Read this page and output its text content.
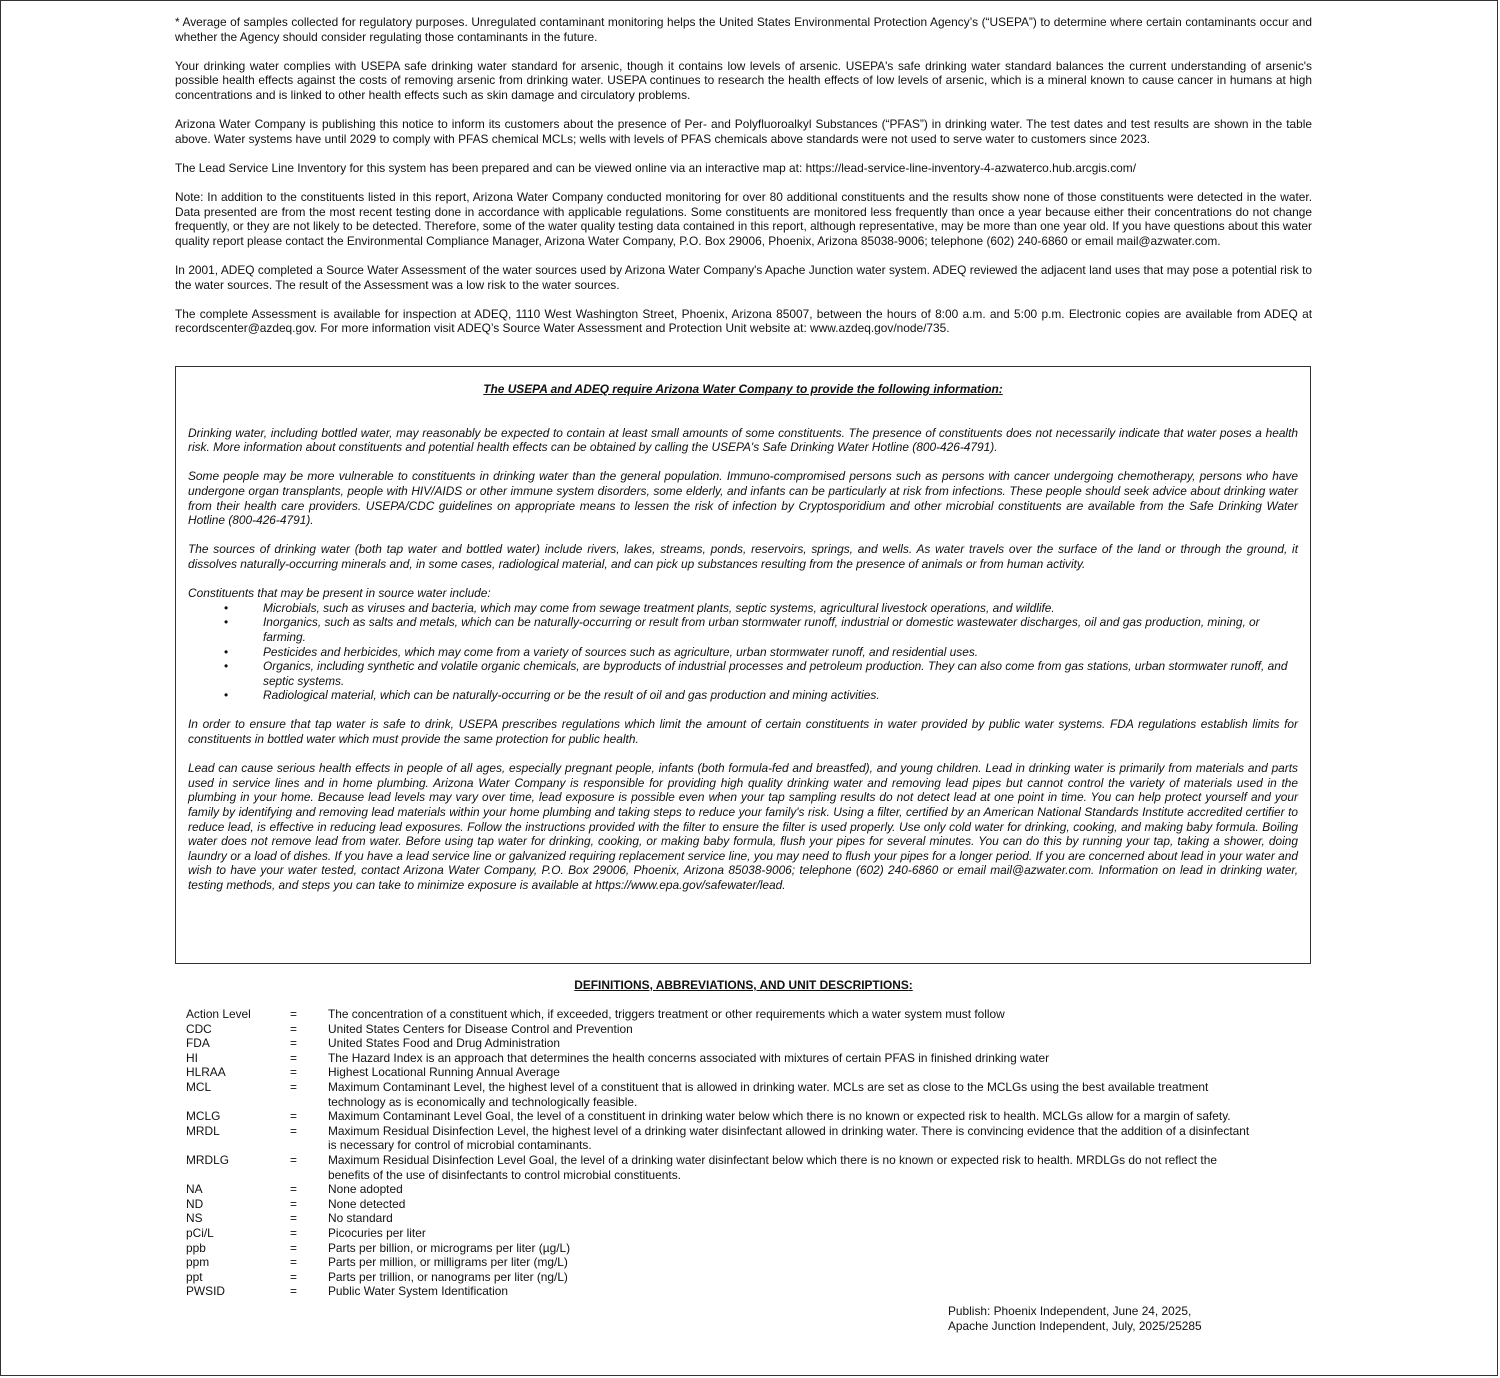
* Average of samples collected for regulatory purposes. Unregulated contaminant monitoring helps the United States Environmental Protection Agency’s (“USEPA”) to determine where certain contaminants occur and whether the Agency should consider regulating those contaminants in the future.

Your drinking water complies with USEPA safe drinking water standard for arsenic, though it contains low levels of arsenic. USEPA's safe drinking water standard balances the current understanding of arsenic's possible health effects against the costs of removing arsenic from drinking water. USEPA continues to research the health effects of low levels of arsenic, which is a mineral known to cause cancer in humans at high concentrations and is linked to other health effects such as skin damage and circulatory problems.

Arizona Water Company is publishing this notice to inform its customers about the presence of Per- and Polyfluoroalkyl Substances (“PFAS”) in drinking water. The test dates and test results are shown in the table above. Water systems have until 2029 to comply with PFAS chemical MCLs; wells with levels of PFAS chemicals above standards were not used to serve water to customers since 2023.

The Lead Service Line Inventory for this system has been prepared and can be viewed online via an interactive map at: https://lead-service-line-inventory-4-azwaterco.hub.arcgis.com/

Note: In addition to the constituents listed in this report, Arizona Water Company conducted monitoring for over 80 additional constituents and the results show none of those constituents were detected in the water. Data presented are from the most recent testing done in accordance with applicable regulations. Some constituents are monitored less frequently than once a year because either their concentrations do not change frequently, or they are not likely to be detected. Therefore, some of the water quality testing data contained in this report, although representative, may be more than one year old. If you have questions about this water quality report please contact the Environmental Compliance Manager, Arizona Water Company, P.O. Box 29006, Phoenix, Arizona 85038-9006; telephone (602) 240-6860 or email mail@azwater.com.

In 2001, ADEQ completed a Source Water Assessment of the water sources used by Arizona Water Company's Apache Junction water system. ADEQ reviewed the adjacent land uses that may pose a potential risk to the water sources. The result of the Assessment was a low risk to the water sources.

The complete Assessment is available for inspection at ADEQ, 1110 West Washington Street, Phoenix, Arizona 85007, between the hours of 8:00 a.m. and 5:00 p.m. Electronic copies are available from ADEQ at recordscenter@azdeq.gov. For more information visit ADEQ’s Source Water Assessment and Protection Unit website at: www.azdeq.gov/node/735.

The USEPA and ADEQ require Arizona Water Company to provide the following information:

Drinking water, including bottled water, may reasonably be expected to contain at least small amounts of some constituents. The presence of constituents does not necessarily indicate that water poses a health risk. More information about constituents and potential health effects can be obtained by calling the USEPA's Safe Drinking Water Hotline (800-426-4791).

Some people may be more vulnerable to constituents in drinking water than the general population. Immuno-compromised persons such as persons with cancer undergoing chemotherapy, persons who have undergone organ transplants, people with HIV/AIDS or other immune system disorders, some elderly, and infants can be particularly at risk from infections. These people should seek advice about drinking water from their health care providers. USEPA/CDC guidelines on appropriate means to lessen the risk of infection by Cryptosporidium and other microbial constituents are available from the Safe Drinking Water Hotline (800-426-4791).

The sources of drinking water (both tap water and bottled water) include rivers, lakes, streams, ponds, reservoirs, springs, and wells. As water travels over the surface of the land or through the ground, it dissolves naturally-occurring minerals and, in some cases, radiological material, and can pick up substances resulting from the presence of animals or from human activity.

Constituents that may be present in source water include:
• Microbials, such as viruses and bacteria, which may come from sewage treatment plants, septic systems, agricultural livestock operations, and wildlife.
• Inorganics, such as salts and metals, which can be naturally-occurring or result from urban stormwater runoff, industrial or domestic wastewater discharges, oil and gas production, mining, or farming.
• Pesticides and herbicides, which may come from a variety of sources such as agriculture, urban stormwater runoff, and residential uses.
• Organics, including synthetic and volatile organic chemicals, are byproducts of industrial processes and petroleum production. They can also come from gas stations, urban stormwater runoff, and septic systems.
• Radiological material, which can be naturally-occurring or be the result of oil and gas production and mining activities.

In order to ensure that tap water is safe to drink, USEPA prescribes regulations which limit the amount of certain constituents in water provided by public water systems. FDA regulations establish limits for constituents in bottled water which must provide the same protection for public health.

Lead can cause serious health effects in people of all ages, especially pregnant people, infants (both formula-fed and breastfed), and young children. Lead in drinking water is primarily from materials and parts used in service lines and in home plumbing. Arizona Water Company is responsible for providing high quality drinking water and removing lead pipes but cannot control the variety of materials used in the plumbing in your home. Because lead levels may vary over time, lead exposure is possible even when your tap sampling results do not detect lead at one point in time. You can help protect yourself and your family by identifying and removing lead materials within your home plumbing and taking steps to reduce your family's risk. Using a filter, certified by an American National Standards Institute accredited certifier to reduce lead, is effective in reducing lead exposures. Follow the instructions provided with the filter to ensure the filter is used properly. Use only cold water for drinking, cooking, and making baby formula. Boiling water does not remove lead from water. Before using tap water for drinking, cooking, or making baby formula, flush your pipes for several minutes. You can do this by running your tap, taking a shower, doing laundry or a load of dishes. If you have a lead service line or galvanized requiring replacement service line, you may need to flush your pipes for a longer period. If you are concerned about lead in your water and wish to have your water tested, contact Arizona Water Company, P.O. Box 29006, Phoenix, Arizona 85038-9006; telephone (602) 240-6860 or email mail@azwater.com. Information on lead in drinking water, testing methods, and steps you can take to minimize exposure is available at https://www.epa.gov/safewater/lead.

DEFINITIONS, ABBREVIATIONS, AND UNIT DESCRIPTIONS:
Action Level	=	The concentration of a constituent which, if exceeded, triggers treatment or other requirements which a water system must follow
CDC	=	United States Centers for Disease Control and Prevention
FDA	=	United States Food and Drug Administration
HI	=	The Hazard Index is an approach that determines the health concerns associated with mixtures of certain PFAS in finished drinking water
HLRAA	=	Highest Locational Running Annual Average
MCL	=	Maximum Contaminant Level, the highest level of a constituent that is allowed in drinking water. MCLs are set as close to the MCLGs using the best available treatment technology as is economically and technologically feasible.
MCLG	=	Maximum Contaminant Level Goal, the level of a constituent in drinking water below which there is no known or expected risk to health. MCLGs allow for a margin of safety.
MRDL	=	Maximum Residual Disinfection Level, the highest level of a drinking water disinfectant allowed in drinking water. There is convincing evidence that the addition of a disinfectant is necessary for control of microbial contaminants.
MRDLG	=	Maximum Residual Disinfection Level Goal, the level of a drinking water disinfectant below which there is no known or expected risk to health. MRDLGs do not reflect the benefits of the use of disinfectants to control microbial constituents.
NA	=	None adopted
ND	=	None detected
NS	=	No standard
pCi/L	=	Picocuries per liter
ppb	=	Parts per billion, or micrograms per liter (µg/L)
ppm	=	Parts per million, or milligrams per liter (mg/L)
ppt	=	Parts per trillion, or nanograms per liter (ng/L)
PWSID	=	Public Water System Identification
Publish: Phoenix Independent, June 24, 2025,
Apache Junction Independent, July, 2025/25285
